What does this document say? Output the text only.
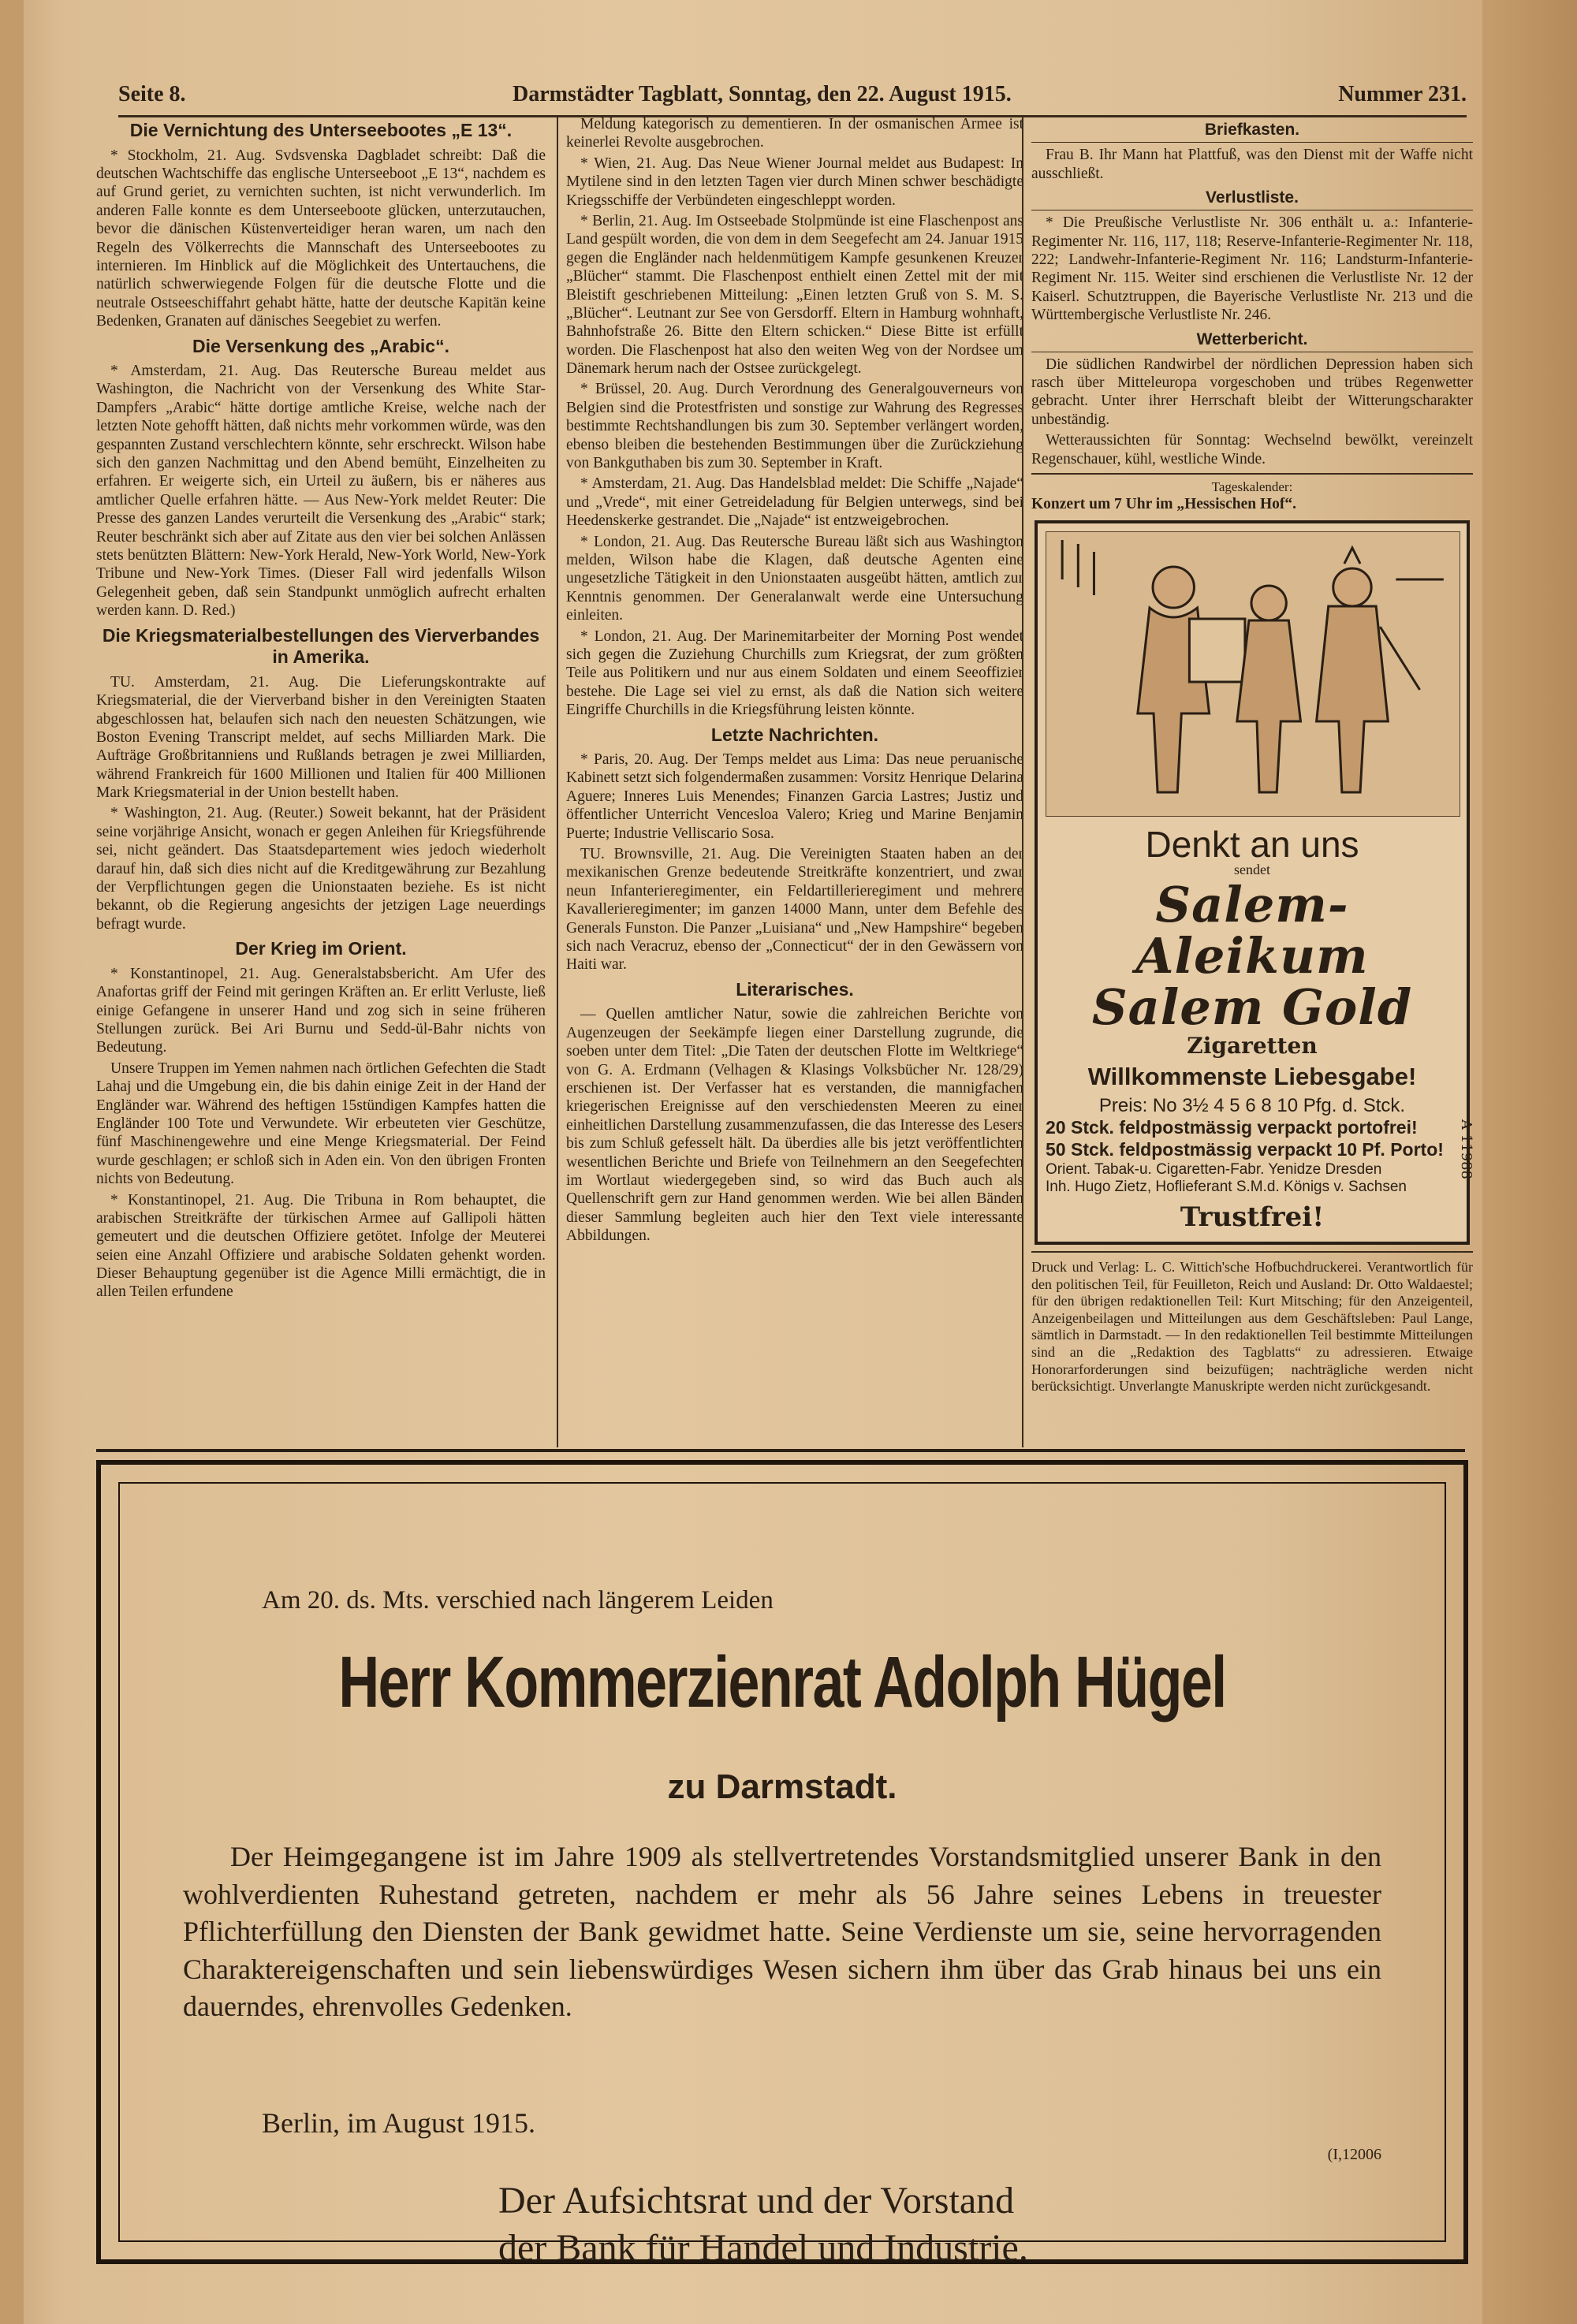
Seite 8.	Darmstädter Tagblatt, Sonntag, den 22. August 1915.	Nummer 231.
Die Vernichtung des Unterseebootes „E 13“.

* Stockholm, 21. Aug. Svdsvenska Dagbladet schreibt: Daß die deutschen Wachtschiffe das englische Unterseeboot „E 13“, nachdem es auf Grund geriet, zu vernichten suchten, ist nicht verwunderlich. Im anderen Falle konnte es dem Unterseeboote glücken, unterzutauchen, bevor die dänischen Küstenverteidiger heran waren, um nach den Regeln des Völkerrechts die Mannschaft des Unterseebootes zu internieren. Im Hinblick auf die Möglichkeit des Untertauchens, die natürlich schwerwiegende Folgen für die deutsche Flotte und die neutrale Ostseeschiffahrt gehabt hätte, hatte der deutsche Kapitän keine Bedenken, Granaten auf dänisches Seegebiet zu werfen.

Die Versenkung des „Arabic“.

* Amsterdam, 21. Aug. Das Reutersche Bureau meldet aus Washington, die Nachricht von der Versenkung des White Star-Dampfers „Arabic“ hätte dortige amtliche Kreise, welche nach der letzten Note gehofft hätten, daß nichts mehr vorkommen würde, was den gespannten Zustand verschlechtern könnte, sehr erschreckt. Wilson habe sich den ganzen Nachmittag und den Abend bemüht, Einzelheiten zu erfahren. Er weigerte sich, ein Urteil zu äußern, bis er näheres aus amtlicher Quelle erfahren hätte. — Aus New-York meldet Reuter: Die Presse des ganzen Landes verurteilt die Versenkung des „Arabic“ stark; Reuter beschränkt sich aber auf Zitate aus den vier bei solchen Anlässen stets benützten Blättern: New-York Herald, New-York World, New-York Tribune und New-York Times. (Dieser Fall wird jedenfalls Wilson Gelegenheit geben, daß sein Standpunkt unmöglich aufrecht erhalten werden kann. D. Red.)

Die Kriegsmaterialbestellungen des Vierverbandes in Amerika.

TU. Amsterdam, 21. Aug. Die Lieferungskontrakte auf Kriegsmaterial, die der Vierverband bisher in den Vereinigten Staaten abgeschlossen hat, belaufen sich nach den neuesten Schätzungen, wie Boston Evening Transcript meldet, auf sechs Milliarden Mark. Die Aufträge Großbritanniens und Rußlands betragen je zwei Milliarden, während Frankreich für 1600 Millionen und Italien für 400 Millionen Mark Kriegsmaterial in der Union bestellt haben.

* Washington, 21. Aug. (Reuter.) Soweit bekannt, hat der Präsident seine vorjährige Ansicht, wonach er gegen Anleihen für Kriegsführende sei, nicht geändert. Das Staatsdepartement wies jedoch wiederholt darauf hin, daß sich dies nicht auf die Kreditgewährung zur Bezahlung der Verpflichtungen gegen die Unionstaaten beziehe. Es ist nicht bekannt, ob die Regierung angesichts der jetzigen Lage neuerdings befragt wurde.

Der Krieg im Orient.

* Konstantinopel, 21. Aug. Generalstabsbericht. Am Ufer des Anafortas griff der Feind mit geringen Kräften an. Er erlitt Verluste, ließ einige Gefangene in unserer Hand und zog sich in seine früheren Stellungen zurück. Bei Ari Burnu und Sedd-ül-Bahr nichts von Bedeutung.

Unsere Truppen im Yemen nahmen nach örtlichen Gefechten die Stadt Lahaj und die Umgebung ein, die bis dahin einige Zeit in der Hand der Engländer war. Während des heftigen 15stündigen Kampfes hatten die Engländer 100 Tote und Verwundete. Wir erbeuteten vier Geschütze, fünf Maschinengewehre und eine Menge Kriegsmaterial. Der Feind wurde geschlagen; er schloß sich in Aden ein. Von den übrigen Fronten nichts von Bedeutung.

* Konstantinopel, 21. Aug. Die Tribuna in Rom behauptet, die arabischen Streitkräfte der türkischen Armee auf Gallipoli hätten gemeutert und die deutschen Offiziere getötet. Infolge der Meuterei seien eine Anzahl Offiziere und arabische Soldaten gehenkt worden. Dieser Behauptung gegenüber ist die Agence Milli ermächtigt, die in allen Teilen erfundene

Meldung kategorisch zu dementieren. In der osmanischen Armee ist keinerlei Revolte ausgebrochen.

* Wien, 21. Aug. Das Neue Wiener Journal meldet aus Budapest: In Mytilene sind in den letzten Tagen vier durch Minen schwer beschädigte Kriegsschiffe der Verbündeten eingeschleppt worden.

* Berlin, 21. Aug. Im Ostseebade Stolpmünde ist eine Flaschenpost ans Land gespült worden, die von dem in dem Seegefecht am 24. Januar 1915 gegen die Engländer nach heldenmütigem Kampfe gesunkenen Kreuzer „Blücher“ stammt. Die Flaschenpost enthielt einen Zettel mit der mit Bleistift geschriebenen Mitteilung: „Einen letzten Gruß von S. M. S. „Blücher“. Leutnant zur See von Gersdorff. Eltern in Hamburg wohnhaft, Bahnhofstraße 26. Bitte den Eltern schicken.“ Diese Bitte ist erfüllt worden. Die Flaschenpost hat also den weiten Weg von der Nordsee um Dänemark herum nach der Ostsee zurückgelegt.

* Brüssel, 20. Aug. Durch Verordnung des Generalgouverneurs von Belgien sind die Protestfristen und sonstige zur Wahrung des Regresses bestimmte Rechtshandlungen bis zum 30. September verlängert worden, ebenso bleiben die bestehenden Bestimmungen über die Zurückziehung von Bankguthaben bis zum 30. September in Kraft.

* Amsterdam, 21. Aug. Das Handelsblad meldet: Die Schiffe „Najade“ und „Vrede“, mit einer Getreideladung für Belgien unterwegs, sind bei Heedenskerke gestrandet. Die „Najade“ ist entzweigebrochen.

* London, 21. Aug. Das Reutersche Bureau läßt sich aus Washington melden, Wilson habe die Klagen, daß deutsche Agenten eine ungesetzliche Tätigkeit in den Unionstaaten ausgeübt hätten, amtlich zur Kenntnis genommen. Der Generalanwalt werde eine Untersuchung einleiten.

* London, 21. Aug. Der Marinemitarbeiter der Morning Post wendet sich gegen die Zuziehung Churchills zum Kriegsrat, der zum größten Teile aus Politikern und nur aus einem Soldaten und einem Seeoffizier bestehe. Die Lage sei viel zu ernst, als daß die Nation sich weitere Eingriffe Churchills in die Kriegsführung leisten könnte.

Letzte Nachrichten.

* Paris, 20. Aug. Der Temps meldet aus Lima: Das neue peruanische Kabinett setzt sich folgendermaßen zusammen: Vorsitz Henrique Delarina Aguere; Inneres Luis Menendes; Finanzen Garcia Lastres; Justiz und öffentlicher Unterricht Vencesloa Valero; Krieg und Marine Benjamin Puerte; Industrie Velliscario Sosa.

TU. Brownsville, 21. Aug. Die Vereinigten Staaten haben an der mexikanischen Grenze bedeutende Streitkräfte konzentriert, und zwar neun Infanterieregimenter, ein Feldartillerieregiment und mehrere Kavallerieregimenter; im ganzen 14000 Mann, unter dem Befehle des Generals Funston. Die Panzer „Luisiana“ und „New Hampshire“ begeben sich nach Veracruz, ebenso der „Connecticut“ der in den Gewässern von Haiti war.

Literarisches.

— Quellen amtlicher Natur, sowie die zahlreichen Berichte von Augenzeugen der Seekämpfe liegen einer Darstellung zugrunde, die soeben unter dem Titel: „Die Taten der deutschen Flotte im Weltkriege“ von G. A. Erdmann (Velhagen & Klasings Volksbücher Nr. 128/29) erschienen ist. Der Verfasser hat es verstanden, die mannigfachen kriegerischen Ereignisse auf den verschiedensten Meeren zu einer einheitlichen Darstellung zusammenzufassen, die das Interesse des Lesers bis zum Schluß gefesselt hält. Da überdies alle bis jetzt veröffentlichten wesentlichen Berichte und Briefe von Teilnehmern an den Seegefechten im Wortlaut wiedergegeben sind, so wird das Buch auch als Quellenschrift gern zur Hand genommen werden. Wie bei allen Bänden dieser Sammlung begleiten auch hier den Text viele interessante Abbildungen.

Briefkasten.

Frau B. Ihr Mann hat Plattfuß, was den Dienst mit der Waffe nicht ausschließt.

Verlustliste.

* Die Preußische Verlustliste Nr. 306 enthält u. a.: Infanterie-Regimenter Nr. 116, 117, 118; Reserve-Infanterie-Regimenter Nr. 118, 222; Landwehr-Infanterie-Regiment Nr. 116; Landsturm-Infanterie-Regiment Nr. 115. Weiter sind erschienen die Verlustliste Nr. 12 der Kaiserl. Schutztruppen, die Bayerische Verlustliste Nr. 213 und die Württembergische Verlustliste Nr. 246.

Wetterbericht.

Die südlichen Randwirbel der nördlichen Depression haben sich rasch über Mitteleuropa vorgeschoben und trübes Regenwetter gebracht. Unter ihrer Herrschaft bleibt der Witterungscharakter unbeständig.

Wetteraussichten für Sonntag: Wechselnd bewölkt, vereinzelt Regenschauer, kühl, westliche Winde.

Tageskalender:

Konzert um 7 Uhr im „Hessischen Hof“.

Denkt an uns
sendet
Salem-Aleikum
Salem Gold
Zigaretten
Willkommenste Liebesgabe!
Preis: No 3½ 4 5 6 8 10 Pfg. d. Stck.
20 Stck. feldpostmässig verpackt portofrei!
50 Stck. feldpostmässig verpackt 10 Pf. Porto!
Orient. Tabak-u. Cigaretten-Fabr. Yenidze Dresden
Inh. Hugo Zietz, Hoflieferant S.M.d. Königs v. Sachsen
Trustfrei!
Druck und Verlag: L. C. Wittich'sche Hofbuchdruckerei. Verantwortlich für den politischen Teil, für Feuilleton, Reich und Ausland: Dr. Otto Waldaestel; für den übrigen redaktionellen Teil: Kurt Mitsching; für den Anzeigenteil, Anzeigenbeilagen und Mitteilungen aus dem Geschäftsleben: Paul Lange, sämtlich in Darmstadt. — In den redaktionellen Teil bestimmte Mitteilungen sind an die „Redaktion des Tagblatts“ zu adressieren. Etwaige Honorarforderungen sind beizufügen; nachträgliche werden nicht berücksichtigt. Unverlangte Manuskripte werden nicht zurückgesandt.
A 11988
Am 20. ds. Mts. verschied nach längerem Leiden
Herr Kommerzienrat Adolph Hügel
zu Darmstadt.

Der Heimgegangene ist im Jahre 1909 als stellvertretendes Vorstandsmitglied unserer Bank in den wohlverdienten Ruhestand getreten, nachdem er mehr als 56 Jahre seines Lebens in treuester Pflichterfüllung den Diensten der Bank gewidmet hatte. Seine Verdienste um sie, seine hervorragenden Charaktereigenschaften und sein liebenswürdiges Wesen sichern ihm über das Grab hinaus bei uns ein dauerndes, ehrenvolles Gedenken.

Berlin, im August 1915.
(I,12006
Der Aufsichtsrat und der Vorstand
der Bank für Handel und Industrie.
